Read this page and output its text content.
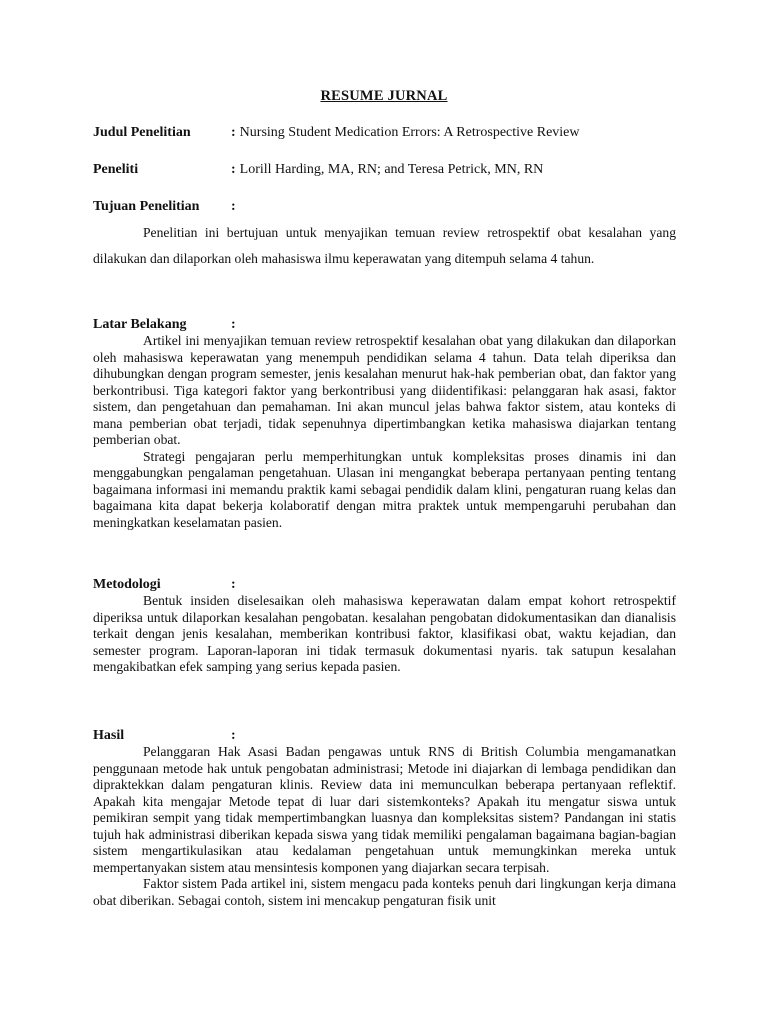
RESUME JURNAL
Judul Penelitian	: Nursing Student Medication Errors: A Retrospective Review
Peneliti	: Lorill Harding, MA, RN; and Teresa Petrick, MN, RN
Tujuan Penelitian :

Penelitian ini bertujuan untuk menyajikan temuan review retrospektif obat kesalahan yang dilakukan dan dilaporkan oleh mahasiswa ilmu keperawatan yang ditempuh selama 4 tahun.

Latar Belakang	:

Artikel ini menyajikan temuan review retrospektif kesalahan obat yang dilakukan dan dilaporkan oleh mahasiswa keperawatan yang menempuh pendidikan selama 4 tahun. Data telah diperiksa dan dihubungkan dengan program semester, jenis kesalahan menurut hak-hak pemberian obat, dan faktor yang berkontribusi. Tiga kategori faktor yang berkontribusi yang diidentifikasi: pelanggaran hak asasi, faktor sistem, dan pengetahuan dan pemahaman. Ini akan muncul jelas bahwa faktor sistem, atau konteks di mana pemberian obat terjadi, tidak sepenuhnya dipertimbangkan ketika mahasiswa diajarkan tentang pemberian obat.

Strategi pengajaran perlu memperhitungkan untuk kompleksitas proses dinamis ini dan menggabungkan pengalaman pengetahuan. Ulasan ini mengangkat beberapa pertanyaan penting tentang bagaimana informasi ini memandu praktik kami sebagai pendidik dalam klini, pengaturan ruang kelas dan bagaimana kita dapat bekerja kolaboratif dengan mitra praktek untuk mempengaruhi perubahan dan meningkatkan keselamatan pasien.

Metodologi	:

Bentuk insiden diselesaikan oleh mahasiswa keperawatan dalam empat kohort retrospektif diperiksa untuk dilaporkan kesalahan pengobatan. kesalahan pengobatan didokumentasikan dan dianalisis terkait dengan jenis kesalahan, memberikan kontribusi faktor, klasifikasi obat, waktu kejadian, dan semester program. Laporan-laporan ini tidak termasuk dokumentasi nyaris. tak satupun kesalahan mengakibatkan efek samping yang serius kepada pasien.

Hasil	:

Pelanggaran Hak Asasi Badan pengawas untuk RNS di British Columbia mengamanatkan penggunaan metode hak untuk pengobatan administrasi; Metode ini diajarkan di lembaga pendidikan dan dipraktekkan dalam pengaturan klinis. Review data ini memunculkan beberapa pertanyaan reflektif. Apakah kita mengajar Metode tepat di luar dari sistemkonteks? Apakah itu mengatur siswa untuk pemikiran sempit yang tidak mempertimbangkan luasnya dan kompleksitas sistem? Pandangan ini statis tujuh hak administrasi diberikan kepada siswa yang tidak memiliki pengalaman bagaimana bagian-bagian sistem mengartikulasikan atau kedalaman pengetahuan untuk memungkinkan mereka untuk mempertanyakan sistem atau mensintesis komponen yang diajarkan secara terpisah.

Faktor sistem Pada artikel ini, sistem mengacu pada konteks penuh dari lingkungan kerja dimana obat diberikan. Sebagai contoh, sistem ini mencakup pengaturan fisik unit
